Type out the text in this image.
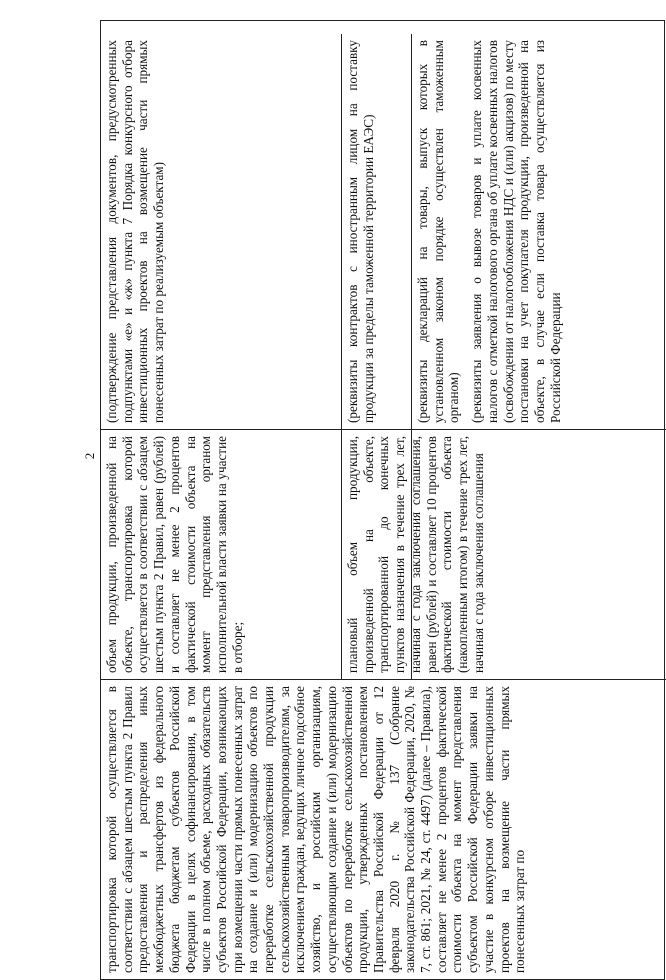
2

транспортировка которой осуществляется в соответствии с абзацем шестым пункта 2 Правил предоставления и распределения иных межбюджетных трансфертов из федерального бюджета бюджетам субъектов Российской Федерации в целях софинансирования, в том числе в полном объеме, расходных обязательств субъектов Российской Федерации, возникающих при возмещении части прямых понесенных затрат на создание и (или) модернизацию объектов по переработке сельскохозяйственной продукции сельскохозяйственным товаропроизводителям, за исключением граждан, ведущих личное подсобное хозяйство, и российским организациям, осуществляющим создание и (или) модернизацию объектов по переработке сельскохозяйственной продукции, утвержденных постановлением Правительства Российской Федерации от 12 февраля 2020 г. № 137 (Собрание законодательства Российской Федерации, 2020, № 7, ст. 861; 2021, № 24, ст. 4497) (далее – Правила), составляет не менее 2 процентов фактической стоимости объекта на момент представления субъектом Российской Федерации заявки на участие в конкурсном отборе инвестиционных проектов на возмещение части прямых понесенных затрат по

объем продукции, произведенной на объекте, транспортировка которой осуществляется в соответствии с абзацем шестым пункта 2 Правил, равен (рублей) и составляет не менее 2 процентов фактической стоимости объекта на момент представления органом исполнительной власти заявки на участие в отборе;

(подтверждение представления документов, предусмотренных подпунктами «е» и «ж» пункта 7 Порядка конкурсного отбора инвестиционных проектов на возмещение части прямых понесенных затрат по реализуемым объектам)

плановый объем продукции, произведенной на объекте, транспортированной до конечных пунктов назначения в течение трех лет, начиная с года заключения соглашения, равен (рублей) и составляет 10 процентов фактической стоимости объекта (накопленным итогом) в течение трех лет, начиная с года заключения соглашения

(реквизиты контрактов с иностранным лицом на поставку продукции за пределы таможенной территории ЕАЭС)	(реквизиты деклараций на товары, выпуск которых в установленном законом порядке осуществлен таможенным органом) (реквизиты заявления о вывозе товаров и уплате косвенных налогов с отметкой налогового органа об уплате косвенных налогов (освобождении от налогообложения НДС и (или) акцизов) по месту постановки на учет покупателя продукции, произведенной на объекте, в случае если поставка товара осуществляется из Российской Федерации
